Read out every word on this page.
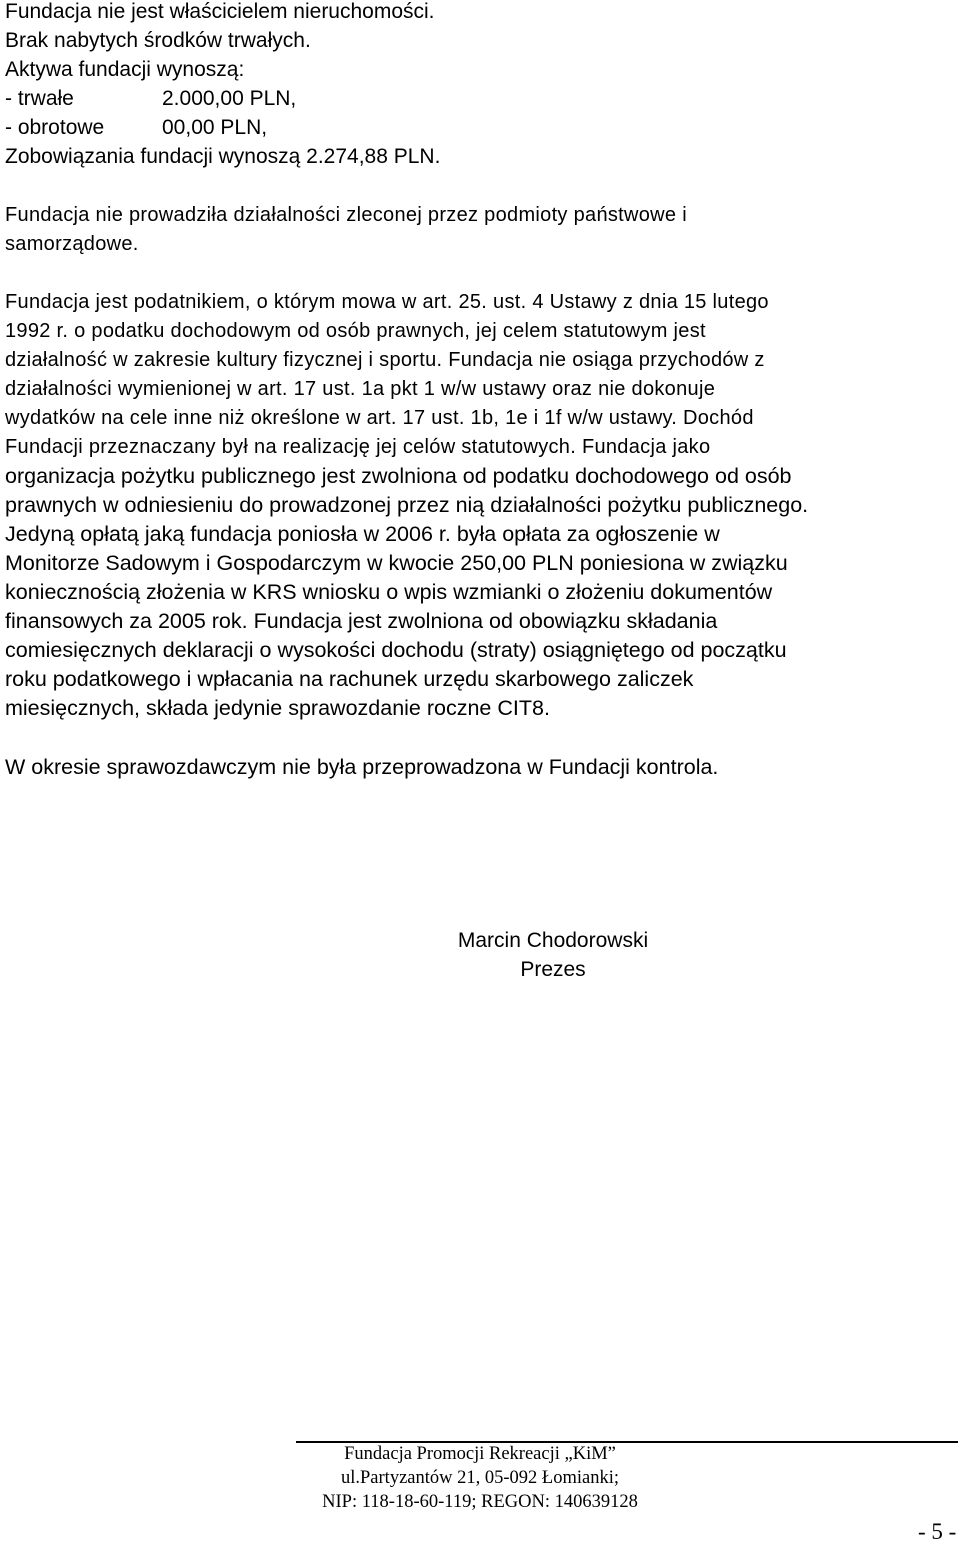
Fundacja nie jest właścicielem nieruchomości.
Brak nabytych środków trwałych.
Aktywa fundacji wynoszą:
- trwałe	2.000,00 PLN,
- obrotowe	00,00 PLN,
Zobowiązania fundacji wynoszą 2.274,88 PLN.
Fundacja nie prowadziła działalności zleconej przez podmioty państwowe i
samorządowe.
Fundacja jest podatnikiem, o którym mowa w art. 25. ust. 4 Ustawy z dnia 15 lutego
1992 r. o podatku dochodowym od osób prawnych, jej celem statutowym jest
działalność w zakresie kultury fizycznej i sportu. Fundacja nie osiąga przychodów z
działalności wymienionej w art. 17 ust. 1a pkt 1 w/w ustawy oraz nie dokonuje
wydatków na cele inne niż określone w art. 17 ust. 1b, 1e i 1f w/w ustawy. Dochód
Fundacji przeznaczany był na realizację jej celów statutowych. Fundacja jako
organizacja pożytku publicznego jest zwolniona od podatku dochodowego od osób
prawnych w odniesieniu do prowadzonej przez nią działalności pożytku publicznego.
Jedyną opłatą jaką fundacja poniosła w 2006 r. była opłata za ogłoszenie w
Monitorze Sadowym i Gospodarczym w kwocie 250,00 PLN poniesiona w związku
koniecznością złożenia w KRS wniosku o wpis wzmianki o złożeniu dokumentów
finansowych za 2005 rok. Fundacja jest zwolniona od obowiązku składania
comiesięcznych deklaracji o wysokości dochodu (straty) osiągniętego od początku
roku podatkowego i wpłacania na rachunek urzędu skarbowego zaliczek
miesięcznych, składa jedynie sprawozdanie roczne CIT8.
W okresie sprawozdawczym nie była przeprowadzona w Fundacji kontrola.
Marcin Chodorowski
Prezes
Fundacja Promocji Rekreacji „KiM”
ul.Partyzantów 21, 05-092 Łomianki;
NIP: 118-18-60-119; REGON: 140639128
- 5 -
